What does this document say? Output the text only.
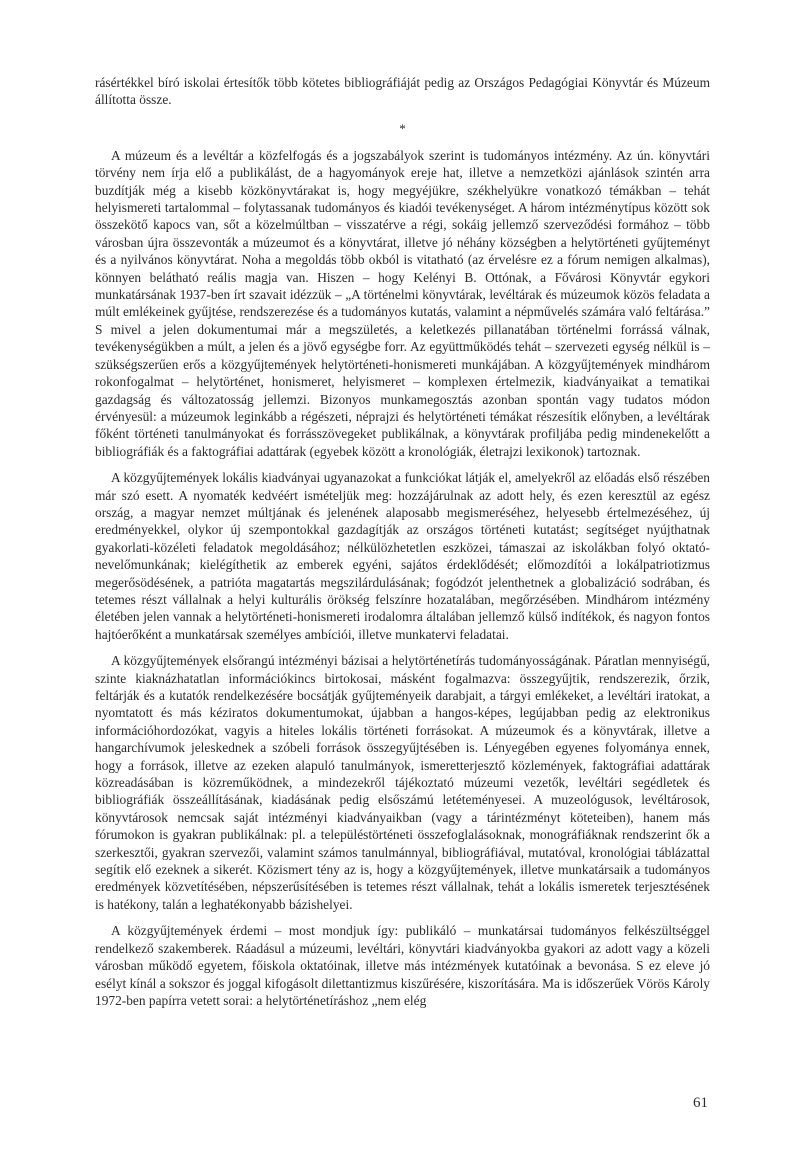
rásértékkel bíró iskolai értesítők több kötetes bibliográfiáját pedig az Országos Pedagógiai Könyvtár és Múzeum állította össze.

*

A múzeum és a levéltár a közfelfogás és a jogszabályok szerint is tudományos intézmény. Az ún. könyvtári törvény nem írja elő a publikálást, de a hagyományok ereje hat, illetve a nemzetközi ajánlások szintén arra buzdítják még a kisebb közkönyvtárakat is, hogy megyéjükre, székhelyükre vonatkozó témákban – tehát helyismereti tartalommal – folytassanak tudományos és kiadói tevékenységet. A három intézménytípus között sok összekötő kapocs van, sőt a közelmúltban – visszatérve a régi, sokáig jellemző szerveződési formához – több városban újra összevonták a múzeumot és a könyvtárat, illetve jó néhány községben a helytörténeti gyűjteményt és a nyilvános könyvtárat. Noha a megoldás több okból is vitatható (az érvelésre ez a fórum nemigen alkalmas), könnyen belátható reális magja van. Hiszen – hogy Kelényi B. Ottónak, a Fővárosi Könyvtár egykori munkatársának 1937-ben írt szavait idézzük – „A történelmi könyvtárak, levéltárak és múzeumok közös feladata a múlt emlékeinek gyűjtése, rendszerezése és a tudományos kutatás, valamint a népművelés számára való feltárása.” S mivel a jelen dokumentumai már a megszületés, a keletkezés pillanatában történelmi forrássá válnak, tevékenységükben a múlt, a jelen és a jövő egységbe forr. Az együttműködés tehát – szervezeti egység nélkül is – szükségszerűen erős a közgyűjtemények helytörténeti-honismereti munkájában. A közgyűjtemények mindhárom rokonfogalmat – helytörténet, honismeret, helyismeret – komplexen értelmezik, kiadványaikat a tematikai gazdagság és változatosság jellemzi. Bizonyos munkamegosztás azonban spontán vagy tudatos módon érvényesül: a múzeumok leginkább a régészeti, néprajzi és helytörténeti témákat részesítik előnyben, a levéltárak főként történeti tanulmányokat és forrásszövegeket publikálnak, a könyvtárak profiljába pedig mindenekelőtt a bibliográfiák és a faktográfiai adattárak (egyebek között a kronológiák, életrajzi lexikonok) tartoznak.

A közgyűjtemények lokális kiadványai ugyanazokat a funkciókat látják el, amelyekről az előadás első részében már szó esett. A nyomaték kedvéért ismételjük meg: hozzájárulnak az adott hely, és ezen keresztül az egész ország, a magyar nemzet múltjának és jelenének alaposabb megismeréséhez, helyesebb értelmezéséhez, új eredményekkel, olykor új szempontokkal gazdagítják az országos történeti kutatást; segítséget nyújthatnak gyakorlati-közéleti feladatok megoldásához; nélkülözhetetlen eszközei, támaszai az iskolákban folyó oktató-nevelőmunkának; kielégíthetik az emberek egyéni, sajátos érdeklődését; előmozdítói a lokálpatriotizmus megerősödésének, a patrióta magatartás megszilárdulásának; fogódzót jelenthetnek a globalizáció sodrában, és tetemes részt vállalnak a helyi kulturális örökség felszínre hozatalában, megőrzésében. Mindhárom intézmény életében jelen vannak a helytörténeti-honismereti irodalomra általában jellemző külső indítékok, és nagyon fontos hajtóerőként a munkatársak személyes ambíciói, illetve munkatervi feladatai.

A közgyűjtemények elsőrangú intézményi bázisai a helytörténetírás tudományosságának. Páratlan mennyiségű, szinte kiaknázhatatlan információkincs birtokosai, másként fogalmazva: összegyűjtik, rendszerezik, őrzik, feltárják és a kutatók rendelkezésére bocsátják gyűjteményeik darabjait, a tárgyi emlékeket, a levéltári iratokat, a nyomtatott és más kéziratos dokumentumokat, újabban a hangos-képes, legújabban pedig az elektronikus információhordozókat, vagyis a hiteles lokális történeti forrásokat. A múzeumok és a könyvtárak, illetve a hangarchívumok jeleskednek a szóbeli források összegyűjtésében is. Lényegében egyenes folyománya ennek, hogy a források, illetve az ezeken alapuló tanulmányok, ismeretterjesztő közlemények, faktográfiai adattárak közreadásában is közreműködnek, a mindezekről tájékoztató múzeumi vezetők, levéltári segédletek és bibliográfiák összeállításának, kiadásának pedig elsőszámú letéteményesei. A muzeológusok, levéltárosok, könyvtárosok nemcsak saját intézményi kiadványaikban (vagy a tárintézményt köteteiben), hanem más fórumokon is gyakran publikálnak: pl. a településtörténeti összefoglalásoknak, monográfiáknak rendszerint ők a szerkesztői, gyakran szervezői, valamint számos tanulmánnyal, bibliográfiával, mutatóval, kronológiai táblázattal segítik elő ezeknek a sikerét. Közismert tény az is, hogy a közgyűjtemények, illetve munkatársaik a tudományos eredmények közvetítésében, népszerűsítésében is tetemes részt vállalnak, tehát a lokális ismeretek terjesztésének is hatékony, talán a leghatékonyabb bázishelyei.

A közgyűjtemények érdemi – most mondjuk így: publikáló – munkatársai tudományos felkészültséggel rendelkező szakemberek. Ráadásul a múzeumi, levéltári, könyvtári kiadványokba gyakori az adott vagy a közeli városban működő egyetem, főiskola oktatóinak, illetve más intézmények kutatóinak a bevonása. S ez eleve jó esélyt kínál a sokszor és joggal kifogásolt dilettantizmus kiszűrésére, kiszorítására. Ma is időszerűek Vörös Károly 1972-ben papírra vetett sorai: a helytörténetíráshoz „nem elég

61
